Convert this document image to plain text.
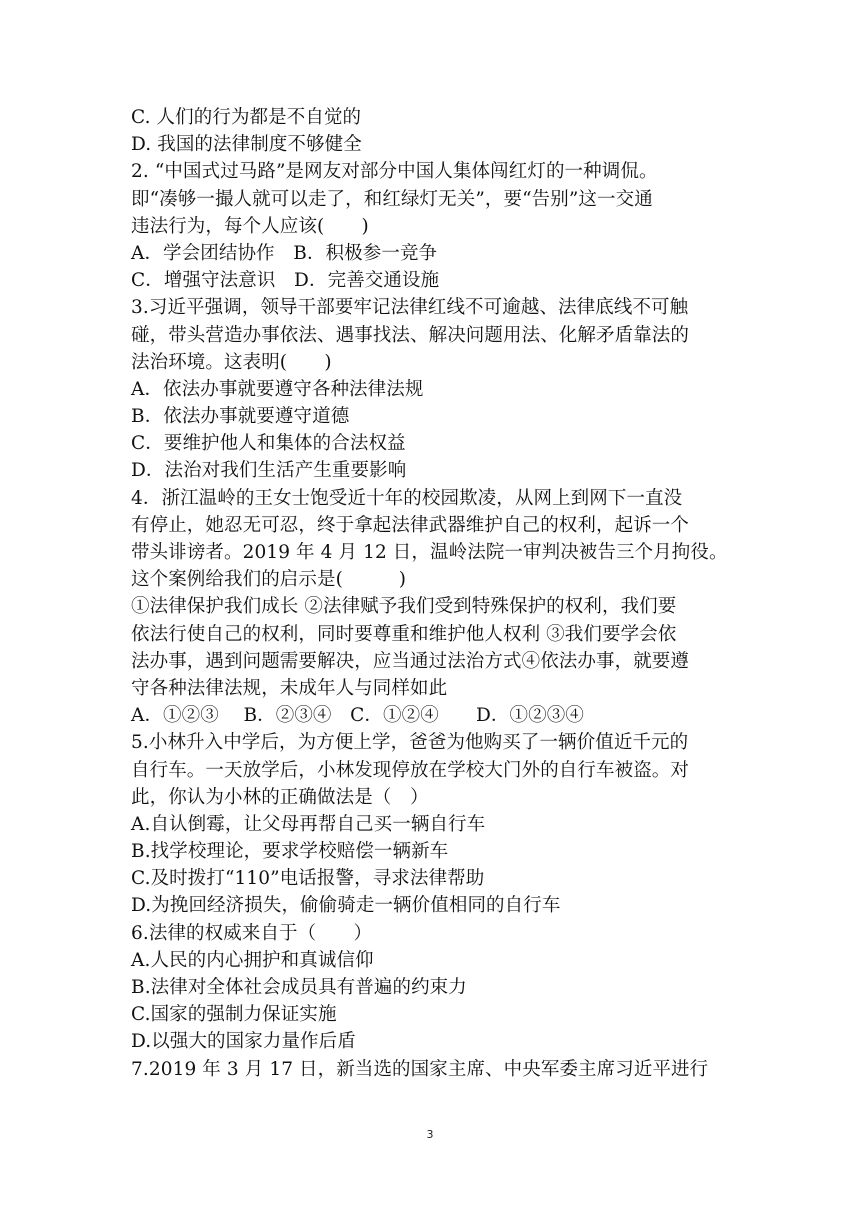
C. 人们的行为都是不自觉的
D. 我国的法律制度不够健全
2. “中国式过马路”是网友对部分中国人集体闯红灯的一种调侃。
即“凑够一撮人就可以走了，和红绿灯无关”，要“告别”这一交通
违法行为，每个人应该(　　)
A．学会团结协作　B．积极参一竞争
C．增强守法意识　D．完善交通设施
3.习近平强调，领导干部要牢记法律红线不可逾越、法律底线不可触
碰，带头营造办事依法、遇事找法、解决问题用法、化解矛盾靠法的
法治环境。这表明(　　)
A．依法办事就要遵守各种法律法规
B．依法办事就要遵守道德
C．要维护他人和集体的合法权益
D．法治对我们生活产生重要影响
4．浙江温岭的王女士饱受近十年的校园欺凌，从网上到网下一直没
有停止，她忍无可忍，终于拿起法律武器维护自己的权利，起诉一个
带头诽谤者。2019 年 4 月 12 日，温岭法院一审判决被告三个月拘役。
这个案例给我们的启示是(　　　)
①法律保护我们成长 ②法律赋予我们受到特殊保护的权利，我们要
依法行使自己的权利，同时要尊重和维护他人权利 ③我们要学会依
法办事，遇到问题需要解决，应当通过法治方式④依法办事，就要遵
守各种法律法规，未成年人与同样如此
A．①②③　 B．②③④　C．①②④　　D．①②③④
5.小林升入中学后，为方便上学，爸爸为他购买了一辆价值近千元的
自行车。一天放学后，小林发现停放在学校大门外的自行车被盗。对
此，你认为小林的正确做法是（　）
A.自认倒霉，让父母再帮自己买一辆自行车
B.找学校理论，要求学校赔偿一辆新车
C.及时拨打“110”电话报警，寻求法律帮助
D.为挽回经济损失，偷偷骑走一辆价值相同的自行车
6.法律的权威来自于（　　）
A.人民的内心拥护和真诚信仰
B.法律对全体社会成员具有普遍的约束力
C.国家的强制力保证实施
D.以强大的国家力量作后盾
7.2019 年 3 月 17 日，新当选的国家主席、中央军委主席习近平进行
3
